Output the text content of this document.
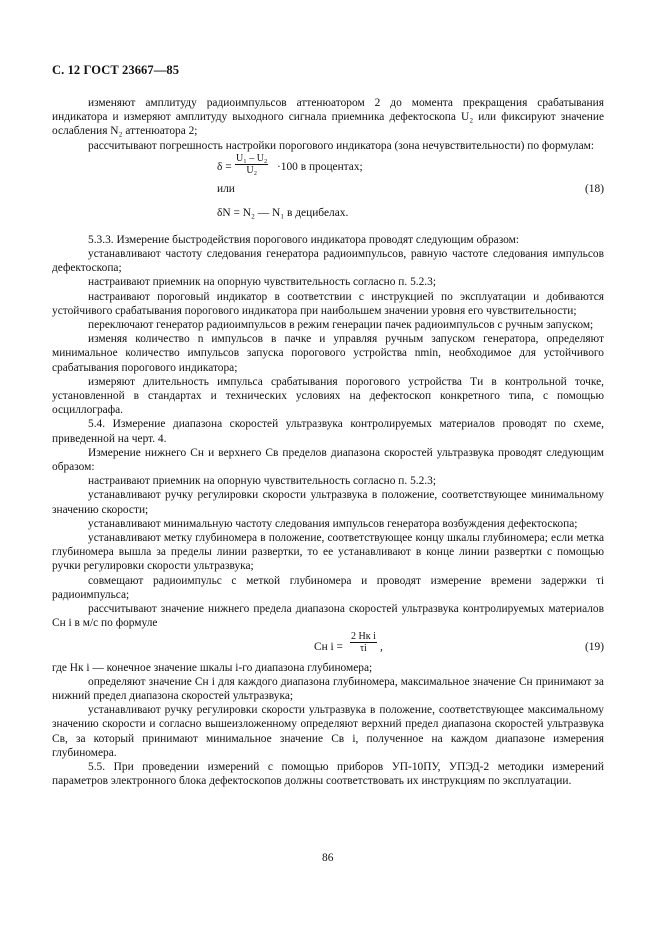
С. 12 ГОСТ 23667—85

изменяют амплитуду радиоимпульсов аттенюатором 2 до момента прекращения срабатывания индикатора и измеряют амплитуду выходного сигнала приемника дефектоскопа U₂ или фиксируют значение ослабления N₂ аттенюатора 2;

рассчитывают погрешность настройки порогового индикатора (зона нечувствительности) по формулам:

$\delta = \frac{\text{U₁ – U₂}}{\text{U₂}} \cdot 100$ в процентах;
или	(18)
δN = N₂ — N₁ в децибелах.

5.3.3. Измерение быстродействия порогового индикатора проводят следующим образом:

устанавливают частоту следования генератора радиоимпульсов, равную частоте следования импульсов дефектоскопа;

настраивают приемник на опорную чувствительность согласно п. 5.2.3;

настраивают пороговый индикатор в соответствии с инструкцией по эксплуатации и добиваются устойчивого срабатывания порогового индикатора при наибольшем значении уровня его чувствительности;

переключают генератор радиоимпульсов в режим генерации пачек радиоимпульсов с ручным запуском;

изменяя количество n импульсов в пачке и управляя ручным запуском генератора, определяют минимальное количество импульсов запуска порогового устройства nmin, необходимое для устойчивого срабатывания порогового индикатора;

измеряют длительность импульса срабатывания порогового устройства Tи в контрольной точке, установленной в стандартах и технических условиях на дефектоскоп конкретного типа, с помощью осциллографа.

5.4. Измерение диапазона скоростей ультразвука контролируемых материалов проводят по схеме, приведенной на черт. 4.

Измерение нижнего Cн и верхнего Cв пределов диапазона скоростей ультразвука проводят следующим образом:

настраивают приемник на опорную чувствительность согласно п. 5.2.3;

устанавливают ручку регулировки скорости ультразвука в положение, соответствующее минимальному значению скорости;

устанавливают минимальную частоту следования импульсов генератора возбуждения дефектоскопа;

устанавливают метку глубиномера в положение, соответствующее концу шкалы глубиномера; если метка глубиномера вышла за пределы линии развертки, то ее устанавливают в конце линии развертки с помощью ручки регулировки скорости ультразвука;

совмещают радиоимпульс с меткой глубиномера и проводят измерение времени задержки τi радиоимпульса;

рассчитывают значение нижнего предела диапазона скоростей ультразвука контролируемых материалов Cн i в м/с по формуле

Cн i =
2 Hк i
τi	,	(19)

где Hк i — конечное значение шкалы i-го диапазона глубиномера;

определяют значение Cн i для каждого диапазона глубиномера, максимальное значение Cн принимают за нижний предел диапазона скоростей ультразвука;

устанавливают ручку регулировки скорости ультразвука в положение, соответствующее максимальному значению скорости и согласно вышеизложенному определяют верхний предел диапазона скоростей ультразвука Cв, за который принимают минимальное значение Cв i, полученное на каждом диапазоне измерения глубиномера.

5.5. При проведении измерений с помощью приборов УП-10ПУ, УПЭД-2 методики измерений параметров электронного блока дефектоскопов должны соответствовать их инструкциям по эксплуатации.

86
